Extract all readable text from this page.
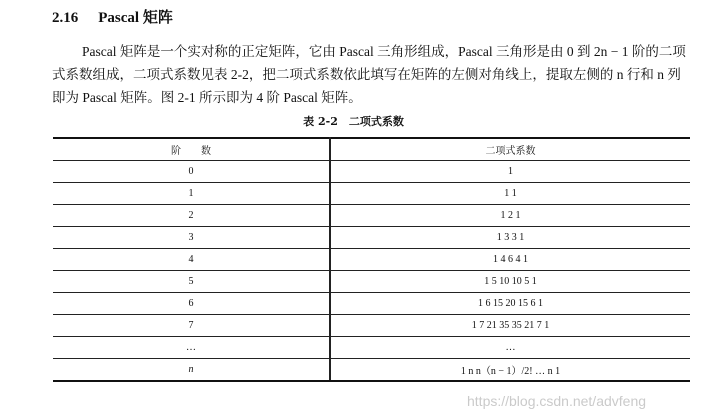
2.16 Pascal 矩阵
Pascal 矩阵是一个实对称的正定矩阵，它由 Pascal 三角形组成，Pascal 三角形是由 0 到 2n − 1 阶的二项式系数组成，二项式系数见表 2-2，把二项式系数依此填写在矩阵的左侧对角线上，提取左侧的 n 行和 n 列即为 Pascal 矩阵。图 2-1 所示即为 4 阶 Pascal 矩阵。
表 2-2　二项式系数
阶　　数	二项式系数
0	1
1	1 1
2	1 2 1
3	1 3 3 1
4	1 4 6 4 1
5	1 5 10 10 5 1
6	1 6 15 20 15 6 1
7	1 7 21 35 35 21 7 1
…	…
n	1 n n（n − 1）/2! … n 1
https://blog.csdn.net/advfeng
